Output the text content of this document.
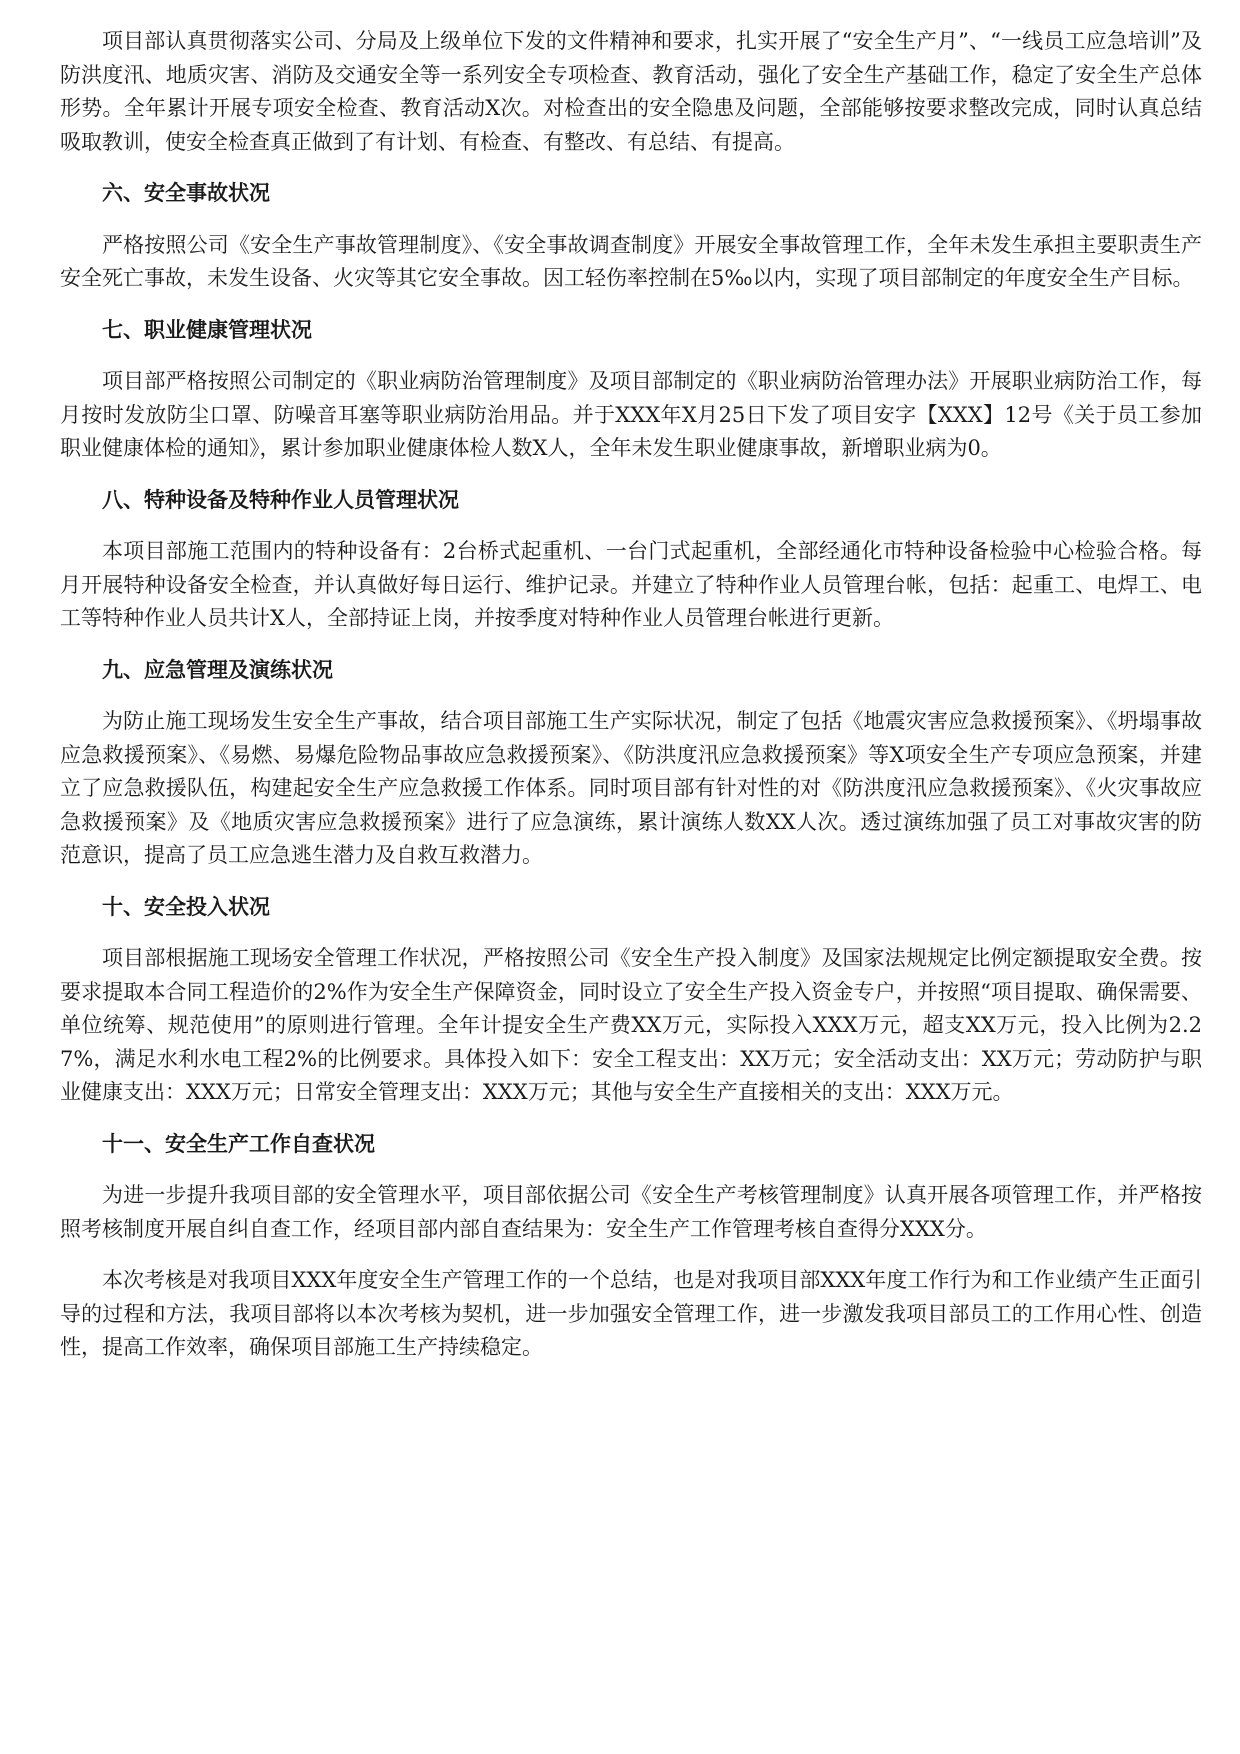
项目部认真贯彻落实公司、分局及上级单位下发的文件精神和要求，扎实开展了“安全生产月”、“一线员工应急培训”及防洪度汛、地质灾害、消防及交通安全等一系列安全专项检查、教育活动，强化了安全生产基础工作，稳定了安全生产总体形势。全年累计开展专项安全检查、教育活动X次。对检查出的安全隐患及问题，全部能够按要求整改完成，同时认真总结吸取教训，使安全检查真正做到了有计划、有检查、有整改、有总结、有提高。

六、安全事故状况

严格按照公司《安全生产事故管理制度》、《安全事故调查制度》开展安全事故管理工作，全年未发生承担主要职责生产安全死亡事故，未发生设备、火灾等其它安全事故。因工轻伤率控制在5‰以内，实现了项目部制定的年度安全生产目标。

七、职业健康管理状况

项目部严格按照公司制定的《职业病防治管理制度》及项目部制定的《职业病防治管理办法》开展职业病防治工作，每月按时发放防尘口罩、防噪音耳塞等职业病防治用品。并于XXX年X月25日下发了项目安字【XXX】12号《关于员工参加职业健康体检的通知》，累计参加职业健康体检人数X人，全年未发生职业健康事故，新增职业病为0。

八、特种设备及特种作业人员管理状况

本项目部施工范围内的特种设备有：2台桥式起重机、一台门式起重机，全部经通化市特种设备检验中心检验合格。每月开展特种设备安全检查，并认真做好每日运行、维护记录。并建立了特种作业人员管理台帐，包括：起重工、电焊工、电工等特种作业人员共计X人，全部持证上岗，并按季度对特种作业人员管理台帐进行更新。

九、应急管理及演练状况

为防止施工现场发生安全生产事故，结合项目部施工生产实际状况，制定了包括《地震灾害应急救援预案》、《坍塌事故应急救援预案》、《易燃、易爆危险物品事故应急救援预案》、《防洪度汛应急救援预案》等X项安全生产专项应急预案，并建立了应急救援队伍，构建起安全生产应急救援工作体系。同时项目部有针对性的对《防洪度汛应急救援预案》、《火灾事故应急救援预案》及《地质灾害应急救援预案》进行了应急演练，累计演练人数XX人次。透过演练加强了员工对事故灾害的防范意识，提高了员工应急逃生潜力及自救互救潜力。

十、安全投入状况

项目部根据施工现场安全管理工作状况，严格按照公司《安全生产投入制度》及国家法规规定比例定额提取安全费。按要求提取本合同工程造价的2%作为安全生产保障资金，同时设立了安全生产投入资金专户，并按照“项目提取、确保需要、单位统筹、规范使用”的原则进行管理。全年计提安全生产费XX万元，实际投入XXX万元，超支XX万元，投入比例为2.27%，满足水利水电工程2%的比例要求。具体投入如下：安全工程支出：XX万元；安全活动支出：XX万元；劳动防护与职业健康支出：XXX万元；日常安全管理支出：XXX万元；其他与安全生产直接相关的支出：XXX万元。

十一、安全生产工作自查状况

为进一步提升我项目部的安全管理水平，项目部依据公司《安全生产考核管理制度》认真开展各项管理工作，并严格按照考核制度开展自纠自查工作，经项目部内部自查结果为：安全生产工作管理考核自查得分XXX分。

本次考核是对我项目XXX年度安全生产管理工作的一个总结，也是对我项目部XXX年度工作行为和工作业绩产生正面引导的过程和方法，我项目部将以本次考核为契机，进一步加强安全管理工作，进一步激发我项目部员工的工作用心性、创造性，提高工作效率，确保项目部施工生产持续稳定。
